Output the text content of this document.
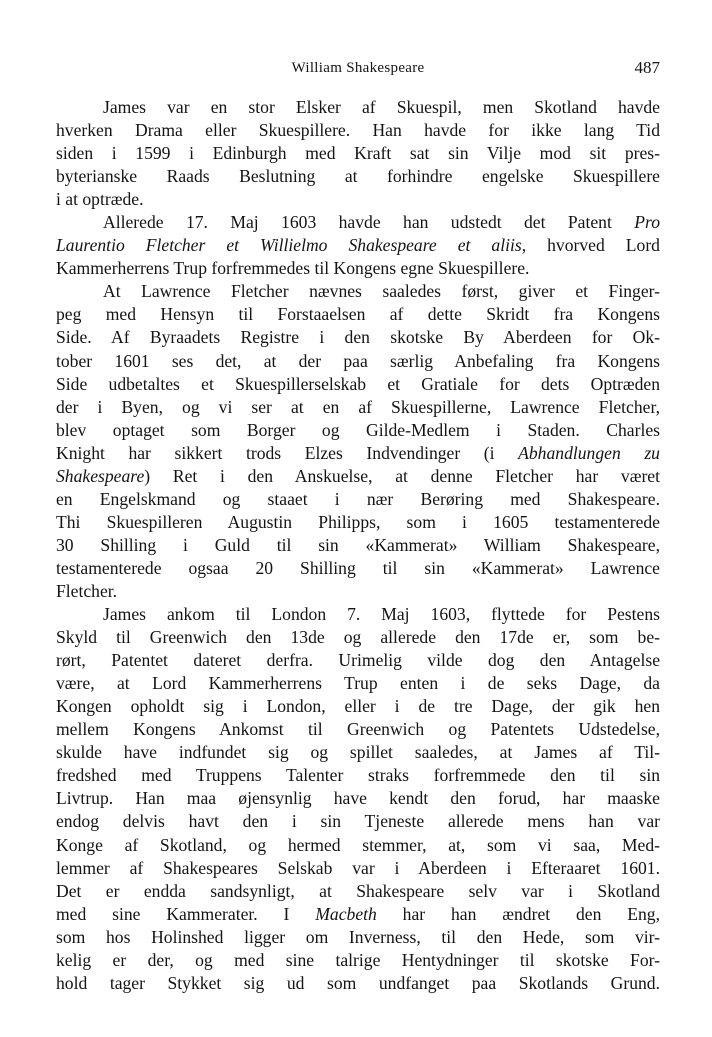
William Shakespeare	487

James var en stor Elsker af Skuespil, men Skotland havde
hverken Drama eller Skuespillere. Han havde for ikke lang Tid
siden i 1599 i Edinburgh med Kraft sat sin Vilje mod sit pres-
byterianske Raads Beslutning at forhindre engelske Skuespillere
i at optræde.

Allerede 17. Maj 1603 havde han udstedt det Patent Pro
Laurentio Fletcher et Willielmo Shakespeare et aliis, hvorved Lord
Kammerherrens Trup forfremmedes til Kongens egne Skuespillere.

At Lawrence Fletcher nævnes saaledes først, giver et Finger-
peg med Hensyn til Forstaaelsen af dette Skridt fra Kongens
Side. Af Byraadets Registre i den skotske By Aberdeen for Ok-
tober 1601 ses det, at der paa særlig Anbefaling fra Kongens
Side udbetaltes et Skuespillerselskab et Gratiale for dets Optræden
der i Byen, og vi ser at en af Skuespillerne, Lawrence Fletcher,
blev optaget som Borger og Gilde-Medlem i Staden. Charles
Knight har sikkert trods Elzes Indvendinger (i Abhandlungen zu
Shakespeare) Ret i den Anskuelse, at denne Fletcher har været
en Engelskmand og staaet i nær Berøring med Shakespeare.
Thi Skuespilleren Augustin Philipps, som i 1605 testamenterede
30 Shilling i Guld til sin «Kammerat» William Shakespeare,
testamenterede ogsaa 20 Shilling til sin «Kammerat» Lawrence
Fletcher.

James ankom til London 7. Maj 1603, flyttede for Pestens
Skyld til Greenwich den 13de og allerede den 17de er, som be-
rørt, Patentet dateret derfra. Urimelig vilde dog den Antagelse
være, at Lord Kammerherrens Trup enten i de seks Dage, da
Kongen opholdt sig i London, eller i de tre Dage, der gik hen
mellem Kongens Ankomst til Greenwich og Patentets Udstedelse,
skulde have indfundet sig og spillet saaledes, at James af Til-
fredshed med Truppens Talenter straks forfremmede den til sin
Livtrup. Han maa øjensynlig have kendt den forud, har maaske
endog delvis havt den i sin Tjeneste allerede mens han var
Konge af Skotland, og hermed stemmer, at, som vi saa, Med-
lemmer af Shakespeares Selskab var i Aberdeen i Efteraaret 1601.
Det er endda sandsynligt, at Shakespeare selv var i Skotland
med sine Kammerater. I Macbeth har han ændret den Eng,
som hos Holinshed ligger om Inverness, til den Hede, som vir-
kelig er der, og med sine talrige Hentydninger til skotske For-
hold tager Stykket sig ud som undfanget paa Skotlands Grund.
